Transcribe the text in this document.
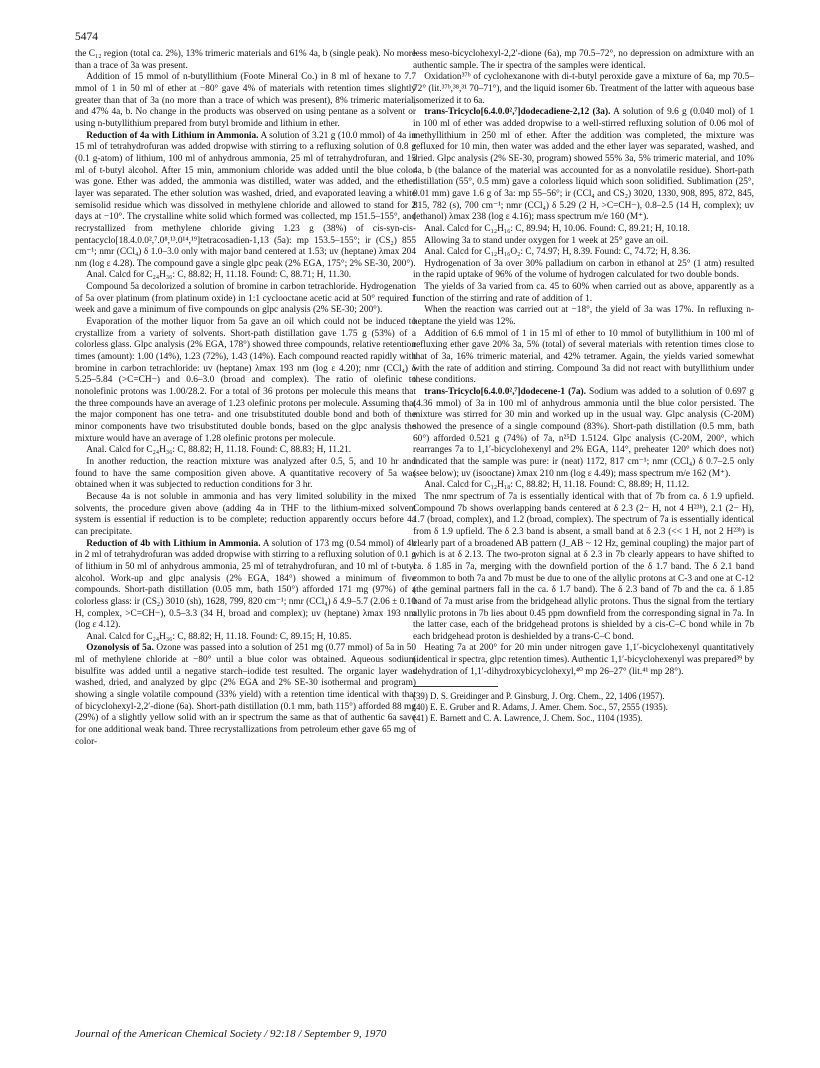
5474

the C₁₂ region (total ca. 2%), 13% trimeric materials and 61% 4a, b (single peak). No more than a trace of 3a was present.

Addition of 15 mmol of n-butyllithium (Foote Mineral Co.) in 8 ml of hexane to 7.7 mmol of 1 in 50 ml of ether at −80° gave 4% of materials with retention times slightly greater than that of 3a (no more than a trace of which was present), 8% trimeric material, and 47% 4a, b. No change in the products was observed on using pentane as a solvent or using n-butyllithium prepared from butyl bromide and lithium in ether.

Reduction of 4a with Lithium in Ammonia. A solution of 3.21 g (10.0 mmol) of 4a in 15 ml of tetrahydrofuran was added dropwise with stirring to a refluxing solution of 0.8 g (0.1 g-atom) of lithium, 100 ml of anhydrous ammonia, 25 ml of tetrahydrofuran, and 15 ml of t-butyl alcohol. After 15 min, ammonium chloride was added until the blue color was gone. Ether was added, the ammonia was distilled, water was added, and the ether layer was separated. The ether solution was washed, dried, and evaporated leaving a white semisolid residue which was dissolved in methylene chloride and allowed to stand for 2 days at −10°. The crystalline white solid which formed was collected, mp 151.5–155°, and recrystallized from methylene chloride giving 1.23 g (38%) of cis-syn-cis-pentacyclo[18.4.0.0²,⁷.0⁸,¹³.0¹⁴,¹⁹]tetracosadien-1,13 (5a): mp 153.5–155°; ir (CS₂) 855 cm⁻¹; nmr (CCl₄) δ 1.0–3.0 only with major band centered at 1.53; uv (heptane) λmax 204 nm (log ε 4.28). The compound gave a single glpc peak (2% EGA, 175°; 2% SE-30, 200°).

Anal. Calcd for C₂₄H₃₆: C, 88.82; H, 11.18. Found: C, 88.71; H, 11.30.

Compound 5a decolorized a solution of bromine in carbon tetrachloride. Hydrogenation of 5a over platinum (from platinum oxide) in 1:1 cyclooctane acetic acid at 50° required 1 week and gave a minimum of five compounds on glpc analysis (2% SE-30; 200°).

Evaporation of the mother liquor from 5a gave an oil which could not be induced to crystallize from a variety of solvents. Short-path distillation gave 1.75 g (53%) of a colorless glass. Glpc analysis (2% EGA, 178°) showed three compounds, relative retention times (amount): 1.00 (14%), 1.23 (72%), 1.43 (14%). Each compound reacted rapidly with bromine in carbon tetrachloride: uv (heptane) λmax 193 nm (log ε 4.20); nmr (CCl₄) δ 5.25–5.84 (>C=CH−) and 0.6–3.0 (broad and complex). The ratio of olefinic to nonolefinic protons was 1.00/28.2. For a total of 36 protons per molecule this means that the three compounds have an average of 1.23 olefinic protons per molecule. Assuming that the major component has one tetra- and one trisubstituted double bond and both of the minor components have two trisubstituted double bonds, based on the glpc analysis the mixture would have an average of 1.28 olefinic protons per molecule.

Anal. Calcd for C₂₄H₃₆: C, 88.82; H, 11.18. Found: C, 88.83; H, 11.21.

In another reduction, the reaction mixture was analyzed after 0.5, 5, and 10 hr and found to have the same composition given above. A quantitative recovery of 5a was obtained when it was subjected to reduction conditions for 3 hr.

Because 4a is not soluble in ammonia and has very limited solubility in the mixed solvents, the procedure given above (adding 4a in THF to the lithium-mixed solvent system is essential if reduction is to be complete; reduction apparently occurs before 4a can precipitate.

Reduction of 4b with Lithium in Ammonia. A solution of 173 mg (0.54 mmol) of 4b in 2 ml of tetrahydrofuran was added dropwise with stirring to a refluxing solution of 0.1 g of lithium in 50 ml of anhydrous ammonia, 25 ml of tetrahydrofuran, and 10 ml of t-butyl alcohol. Work-up and glpc analysis (2% EGA, 184°) showed a minimum of five compounds. Short-path distillation (0.05 mm, bath 150°) afforded 171 mg (97%) of a colorless glass: ir (CS₂) 3010 (sh), 1628, 799, 820 cm⁻¹; nmr (CCl₄) δ 4.9–5.7 (2.06 ± 0.10 H, complex, >C=CH−), 0.5–3.3 (34 H, broad and complex); uv (heptane) λmax 193 nm (log ε 4.12).

Anal. Calcd for C₂₄H₃₆: C, 88.82; H, 11.18. Found: C, 89.15; H, 10.85.

Ozonolysis of 5a. Ozone was passed into a solution of 251 mg (0.77 mmol) of 5a in 50 ml of methylene chloride at −80° until a blue color was obtained. Aqueous sodium bisulfite was added until a negative starch–iodide test resulted. The organic layer was washed, dried, and analyzed by glpc (2% EGA and 2% SE-30 isothermal and program) showing a single volatile compound (33% yield) with a retention time identical with that of bicyclohexyl-2,2′-dione (6a). Short-path distillation (0.1 mm, bath 115°) afforded 88 mg (29%) of a slightly yellow solid with an ir spectrum the same as that of authentic 6a save for one additional weak band. Three recrystallizations from petroleum ether gave 65 mg of color-

less meso-bicyclohexyl-2,2′-dione (6a), mp 70.5–72°, no depression on admixture with an authentic sample. The ir spectra of the samples were identical.

Oxidation³⁷ᵇ of cyclohexanone with di-t-butyl peroxide gave a mixture of 6a, mp 70.5–72° (lit.³⁷ᵇ,³⁸,³¹ 70–71°), and the liquid isomer 6b. Treatment of the latter with aqueous base isomerized it to 6a.

trans-Tricyclo[6.4.0.0²,⁷]dodecadiene-2,12 (3a). A solution of 9.6 g (0.040 mol) of 1 in 100 ml of ether was added dropwise to a well-stirred refluxing solution of 0.06 mol of methyllithium in 250 ml of ether. After the addition was completed, the mixture was refluxed for 10 min, then water was added and the ether layer was separated, washed, and dried. Glpc analysis (2% SE-30, program) showed 55% 3a, 5% trimeric material, and 10% 4a, b (the balance of the material was accounted for as a nonvolatile residue). Short-path distillation (55°, 0.5 mm) gave a colorless liquid which soon solidified. Sublimation (25°, 0.01 mm) gave 1.6 g of 3a: mp 55–56°; ir (CCl₄ and CS₂) 3020, 1330, 908, 895, 872, 845, 815, 782 (s), 700 cm⁻¹; nmr (CCl₄) δ 5.29 (2 H, >C=CH−), 0.8–2.5 (14 H, complex); uv (ethanol) λmax 238 (log ε 4.16); mass spectrum m/e 160 (M⁺).

Anal. Calcd for C₁₂H₁₆: C, 89.94; H, 10.06. Found: C, 89.21; H, 10.18.

Allowing 3a to stand under oxygen for 1 week at 25° gave an oil.

Anal. Calcd for C₁₂H₁₆O₂: C, 74.97; H, 8.39. Found: C, 74.72; H, 8.36.

Hydrogenation of 3a over 30% palladium on carbon in ethanol at 25° (1 atm) resulted in the rapid uptake of 96% of the volume of hydrogen calculated for two double bonds.

The yields of 3a varied from ca. 45 to 60% when carried out as above, apparently as a function of the stirring and rate of addition of 1.

When the reaction was carried out at −18°, the yield of 3a was 17%. In refluxing n-heptane the yield was 12%.

Addition of 6.6 mmol of 1 in 15 ml of ether to 10 mmol of butyllithium in 100 ml of refluxing ether gave 20% 3a, 5% (total) of several materials with retention times close to that of 3a, 16% trimeric material, and 42% tetramer. Again, the yields varied somewhat with the rate of addition and stirring. Compound 3a did not react with butyllithium under these conditions.

trans-Tricyclo[6.4.0.0²,⁷]dodecene-1 (7a). Sodium was added to a solution of 0.697 g (4.36 mmol) of 3a in 100 ml of anhydrous ammonia until the blue color persisted. The mixture was stirred for 30 min and worked up in the usual way. Glpc analysis (C-20M) showed the presence of a single compound (83%). Short-path distillation (0.5 mm, bath 60°) afforded 0.521 g (74%) of 7a, n²⁵D 1.5124. Glpc analysis (C-20M, 200°, which rearranges 7a to 1,1′-bicyclohexenyl and 2% EGA, 114°, preheater 120° which does not) indicated that the sample was pure: ir (neat) 1172, 817 cm⁻¹; nmr (CCl₄) δ 0.7–2.5 only (see below); uv (isooctane) λmax 210 nm (log ε 4.49); mass spectrum m/e 162 (M⁺).

Anal. Calcd for C₁₂H₁₈: C, 88.82; H, 11.18. Found: C, 88.89; H, 11.12.

The nmr spectrum of 7a is essentially identical with that of 7b from ca. δ 1.9 upfield. Compound 7b shows overlapping bands centered at δ 2.3 (2− H, not 4 H²³ᵇ), 2.1 (2− H), 1.7 (broad, complex), and 1.2 (broad, complex). The spectrum of 7a is essentially identical from δ 1.9 upfield. The δ 2.3 band is absent, a small band at δ 2.3 (<< 1 H, not 2 H²³ᵇ) is clearly part of a broadened AB pattern (J_AB ~ 12 Hz, geminal coupling) the major part of which is at δ 2.13. The two-proton signal at δ 2.3 in 7b clearly appears to have shifted to ca. δ 1.85 in 7a, merging with the downfield portion of the δ 1.7 band. The δ 2.1 band common to both 7a and 7b must be due to one of the allylic protons at C-3 and one at C-12 (the geminal partners fall in the ca. δ 1.7 band). The δ 2.3 band of 7b and the ca. δ 1.85 band of 7a must arise from the bridgehead allylic protons. Thus the signal from the tertiary allylic protons in 7b lies about 0.45 ppm downfield from the corresponding signal in 7a. In the latter case, each of the bridgehead protons is shielded by a cis-C–C bond while in 7b each bridgehead proton is deshielded by a trans-C–C bond.

Heating 7a at 200° for 20 min under nitrogen gave 1,1′-bicyclohexenyl quantitatively (identical ir spectra, glpc retention times). Authentic 1,1′-bicyclohexenyl was prepared³⁹ by dehydration of 1,1′-dihydroxybicyclohexyl,⁴⁰ mp 26–27° (lit.⁴¹ mp 28°).

(39) D. S. Greidinger and P. Ginsburg, J. Org. Chem., 22, 1406 (1957).

(40) E. E. Gruber and R. Adams, J. Amer. Chem. Soc., 57, 2555 (1935).

(41) E. Barnett and C. A. Lawrence, J. Chem. Soc., 1104 (1935).

Journal of the American Chemical Society / 92:18 / September 9, 1970
